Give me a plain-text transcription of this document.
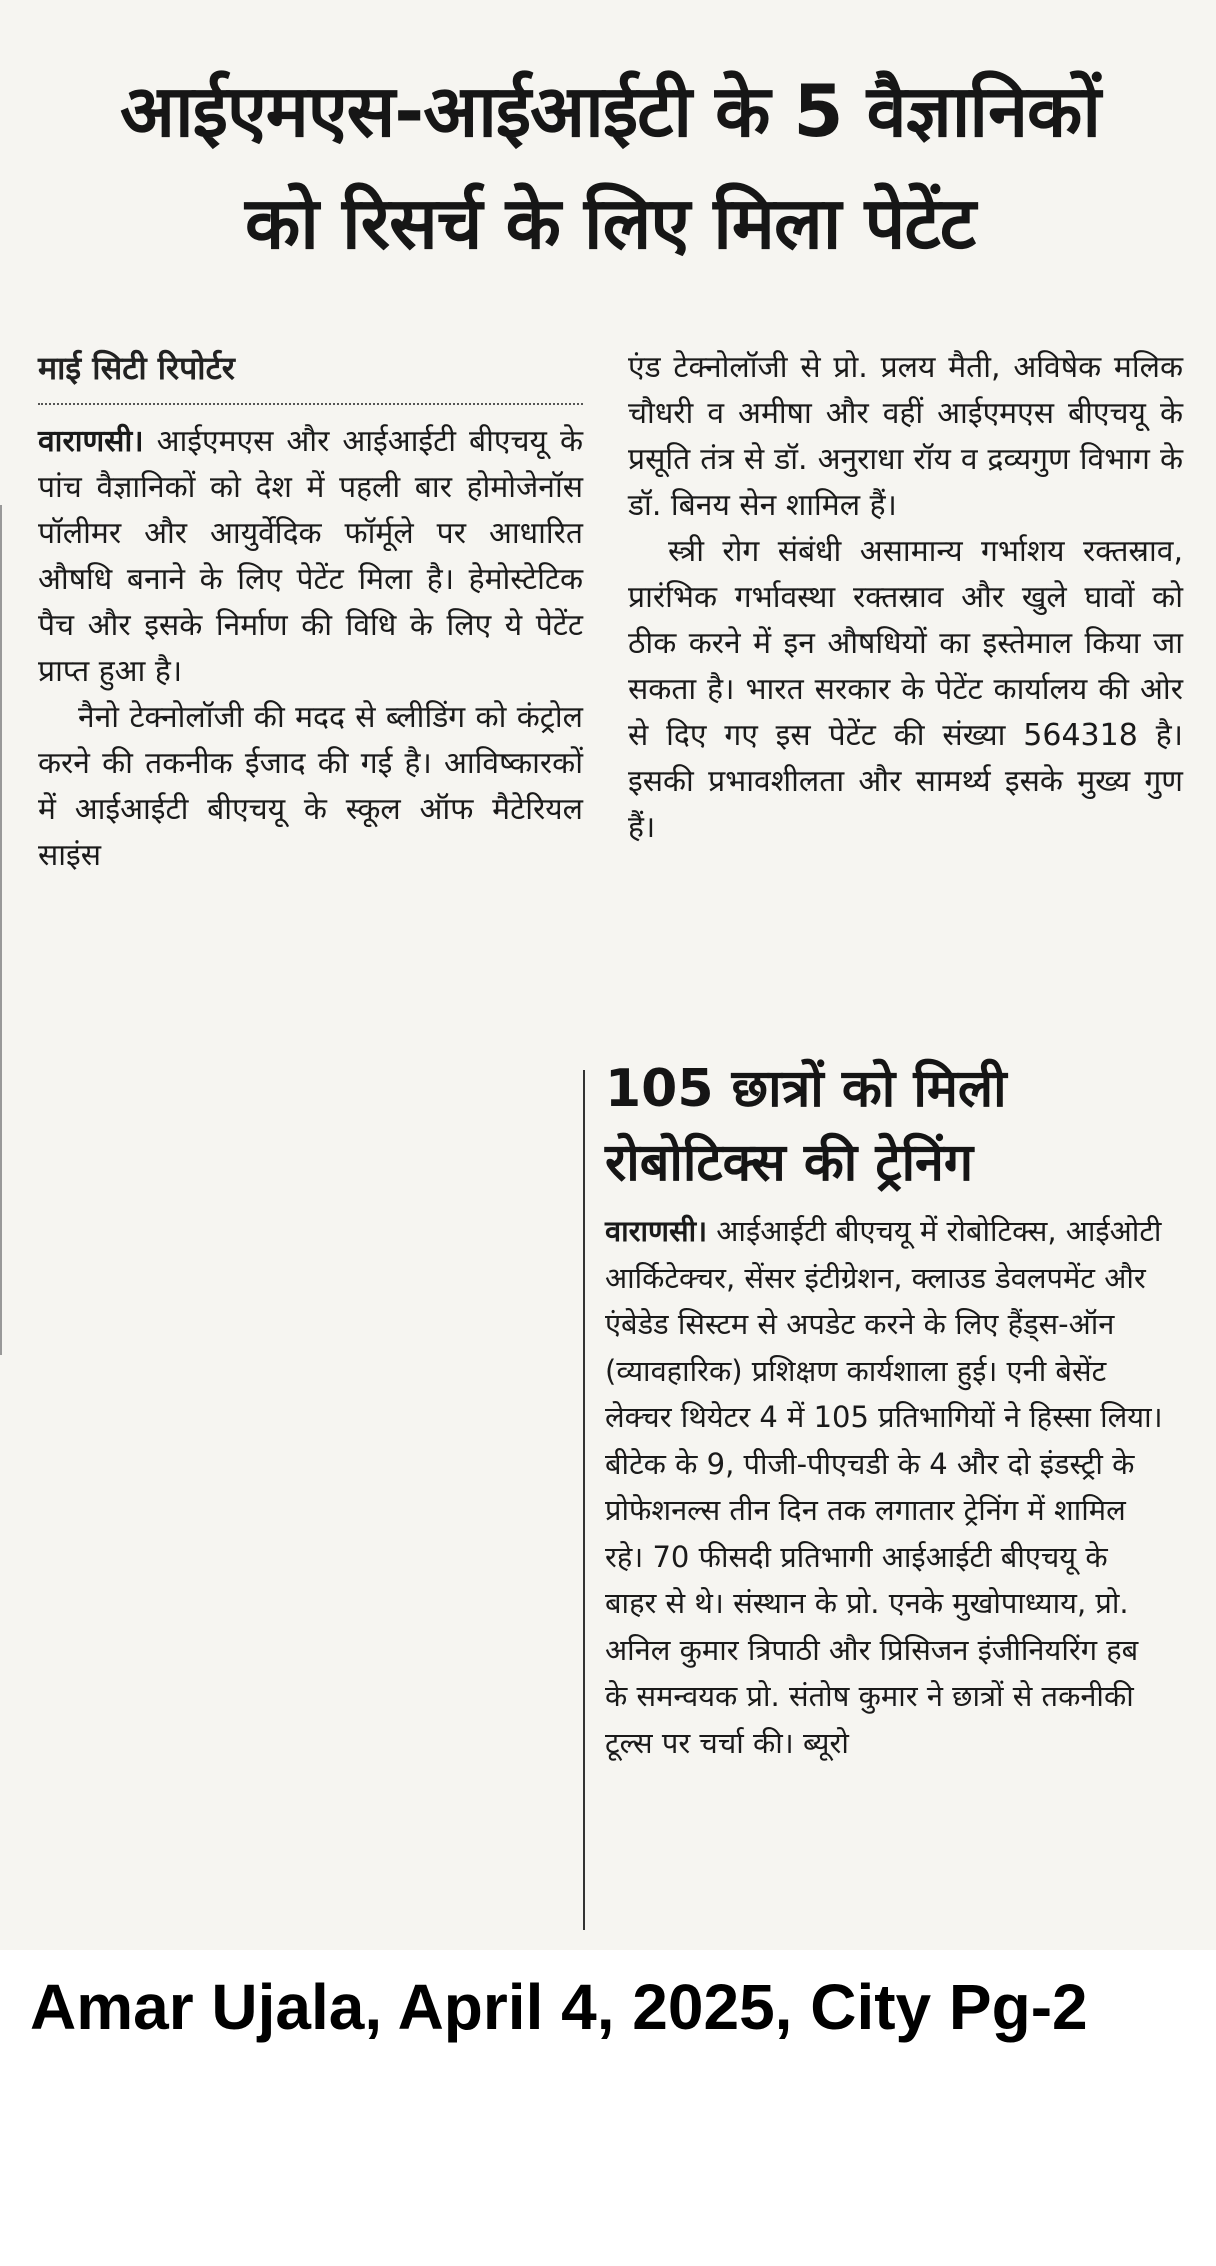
आईएमएस-आईआईटी के 5 वैज्ञानिकों
को रिसर्च के लिए मिला पेटेंट
माई सिटी रिपोर्टर

वाराणसी। आईएमएस और आईआईटी बीएचयू के पांच वैज्ञानिकों को देश में पहली बार होमोजेनॉस पॉलीमर और आयुर्वेदिक फॉर्मूले पर आधारित औषधि बनाने के लिए पेटेंट मिला है। हेमोस्टेटिक पैच और इसके निर्माण की विधि के लिए ये पेटेंट प्राप्त हुआ है।

नैनो टेक्नोलॉजी की मदद से ब्लीडिंग को कंट्रोल करने की तकनीक ईजाद की गई है। आविष्कारकों में आईआईटी बीएचयू के स्कूल ऑफ मैटेरियल साइंस

एंड टेक्नोलॉजी से प्रो. प्रलय मैती, अविषेक मलिक चौधरी व अमीषा और वहीं आईएमएस बीएचयू के प्रसूति तंत्र से डॉ. अनुराधा रॉय व द्रव्यगुण विभाग के डॉ. बिनय सेन शामिल हैं।

स्त्री रोग संबंधी असामान्य गर्भाशय रक्तस्राव, प्रारंभिक गर्भावस्था रक्तस्राव और खुले घावों को ठीक करने में इन औषधियों का इस्तेमाल किया जा सकता है। भारत सरकार के पेटेंट कार्यालय की ओर से दिए गए इस पेटेंट की संख्या 564318 है। इसकी प्रभावशीलता और सामर्थ्य इसके मुख्य गुण हैं।

105 छात्रों को मिली रोबोटिक्स की ट्रेनिंग

वाराणसी। आईआईटी बीएचयू में रोबोटिक्स, आईओटी आर्किटेक्चर, सेंसर इंटीग्रेशन, क्लाउड डेवलपमेंट और एंबेडेड सिस्टम से अपडेट करने के लिए हैंड्स-ऑन (व्यावहारिक) प्रशिक्षण कार्यशाला हुई। एनी बेसेंट लेक्चर थियेटर 4 में 105 प्रतिभागियों ने हिस्सा लिया। बीटेक के 9, पीजी-पीएचडी के 4 और दो इंडस्ट्री के प्रोफेशनल्स तीन दिन तक लगातार ट्रेनिंग में शामिल रहे। 70 फीसदी प्रतिभागी आईआईटी बीएचयू के बाहर से थे। संस्थान के प्रो. एनके मुखोपाध्याय, प्रो. अनिल कुमार त्रिपाठी और प्रिसिजन इंजीनियरिंग हब के समन्वयक प्रो. संतोष कुमार ने छात्रों से तकनीकी टूल्स पर चर्चा की। ब्यूरो

Amar Ujala, April 4, 2025, City Pg-2
